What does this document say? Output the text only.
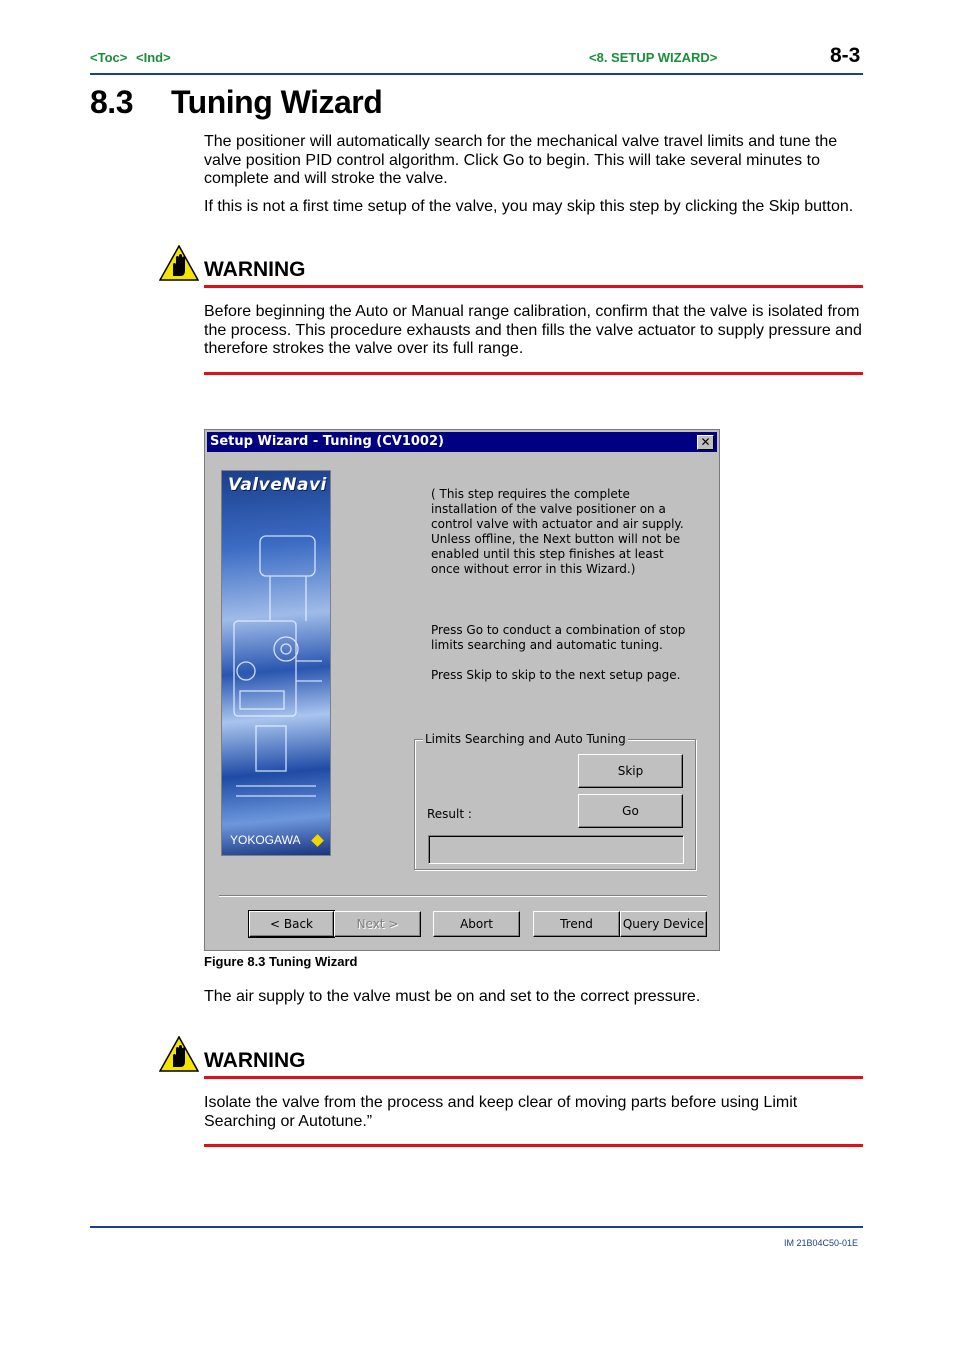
<Toc> <Ind>	<8. SETUP WIZARD>	8-3
8.3 Tuning Wizard
The positioner will automatically search for the mechanical valve travel limits and tune the valve position PID control algorithm. Click Go to begin. This will take several minutes to complete and will stroke the valve.
If this is not a first time setup of the valve, you may skip this step by clicking the Skip button.
WARNING
Before beginning the Auto or Manual range calibration, confirm that the valve is isolated from the process. This procedure exhausts and then fills the valve actuator to supply pressure and therefore strokes the valve over its full range.
Setup Wizard - Tuning (CV1002)	✕
ValveNavi
YOKOGAWA
( This step requires the complete installation of the valve positioner on a control valve with actuator and air supply. Unless offline, the Next button will not be enabled until this step finishes at least once without error in this Wizard.)
Press Go to conduct a combination of stop limits searching and automatic tuning.
Press Skip to skip to the next setup page.
Limits Searching and Auto Tuning
Skip
Go
Result :
< Back	Next >	Abort	Trend	Query Device
Figure 8.3 Tuning Wizard
The air supply to the valve must be on and set to the correct pressure.
WARNING
Isolate the valve from the process and keep clear of moving parts before using Limit Searching or Autotune.”
IM 21B04C50-01E
